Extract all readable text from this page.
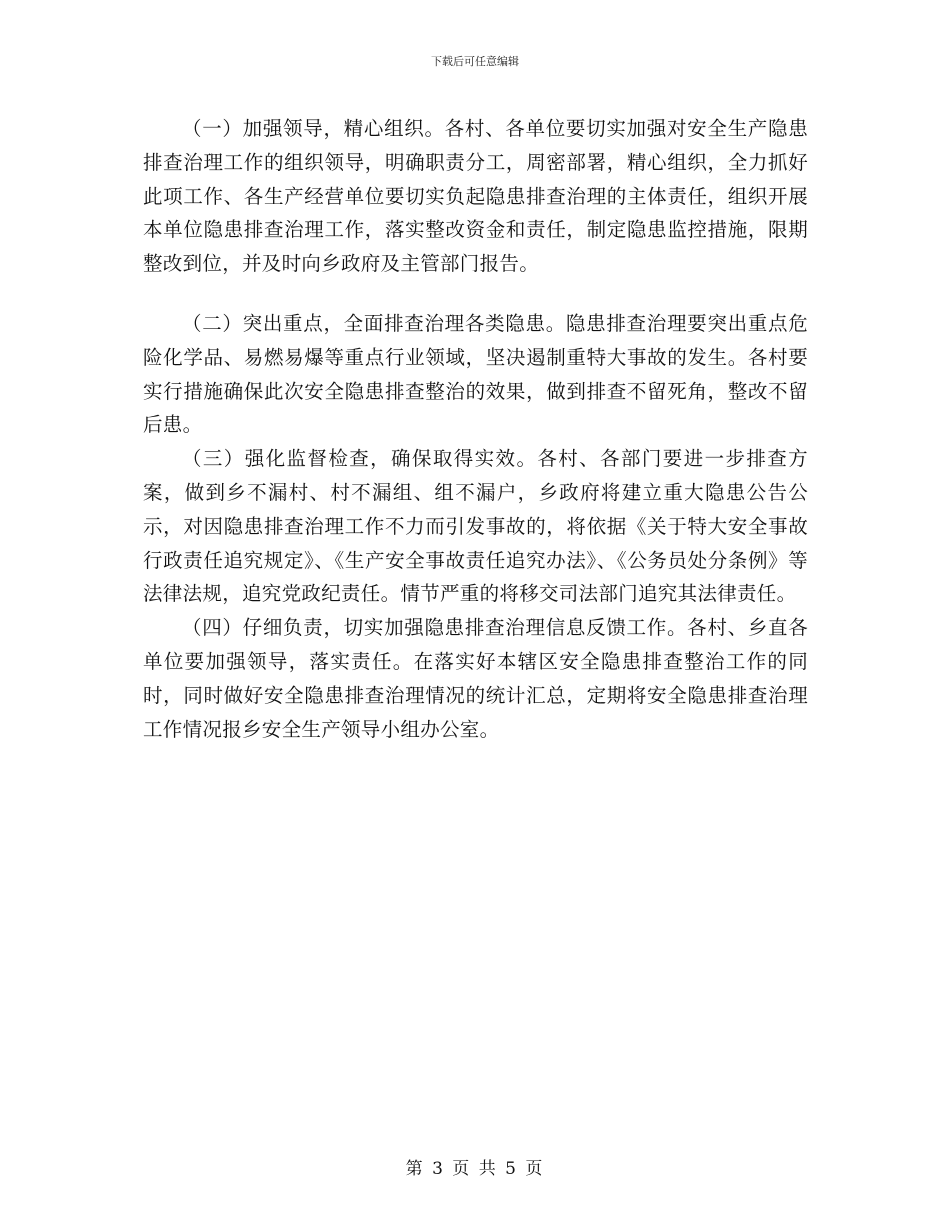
下载后可任意编辑

（一）加强领导，精心组织。各村、各单位要切实加强对安全生产隐患排查治理工作的组织领导，明确职责分工，周密部署，精心组织，全力抓好此项工作、各生产经营单位要切实负起隐患排查治理的主体责任，组织开展本单位隐患排查治理工作，落实整改资金和责任，制定隐患监控措施，限期整改到位，并及时向乡政府及主管部门报告。

（二）突出重点，全面排查治理各类隐患。隐患排查治理要突出重点危险化学品、易燃易爆等重点行业领域，坚决遏制重特大事故的发生。各村要实行措施确保此次安全隐患排查整治的效果，做到排查不留死角，整改不留后患。

（三）强化监督检查，确保取得实效。各村、各部门要进一步排查方案，做到乡不漏村、村不漏组、组不漏户，乡政府将建立重大隐患公告公示，对因隐患排查治理工作不力而引发事故的，将依据《关于特大安全事故行政责任追究规定》、《生产安全事故责任追究办法》、《公务员处分条例》等法律法规，追究党政纪责任。情节严重的将移交司法部门追究其法律责任。

（四）仔细负责，切实加强隐患排查治理信息反馈工作。各村、乡直各单位要加强领导，落实责任。在落实好本辖区安全隐患排查整治工作的同时，同时做好安全隐患排查治理情况的统计汇总，定期将安全隐患排查治理工作情况报乡安全生产领导小组办公室。

第 3 页 共 5 页
